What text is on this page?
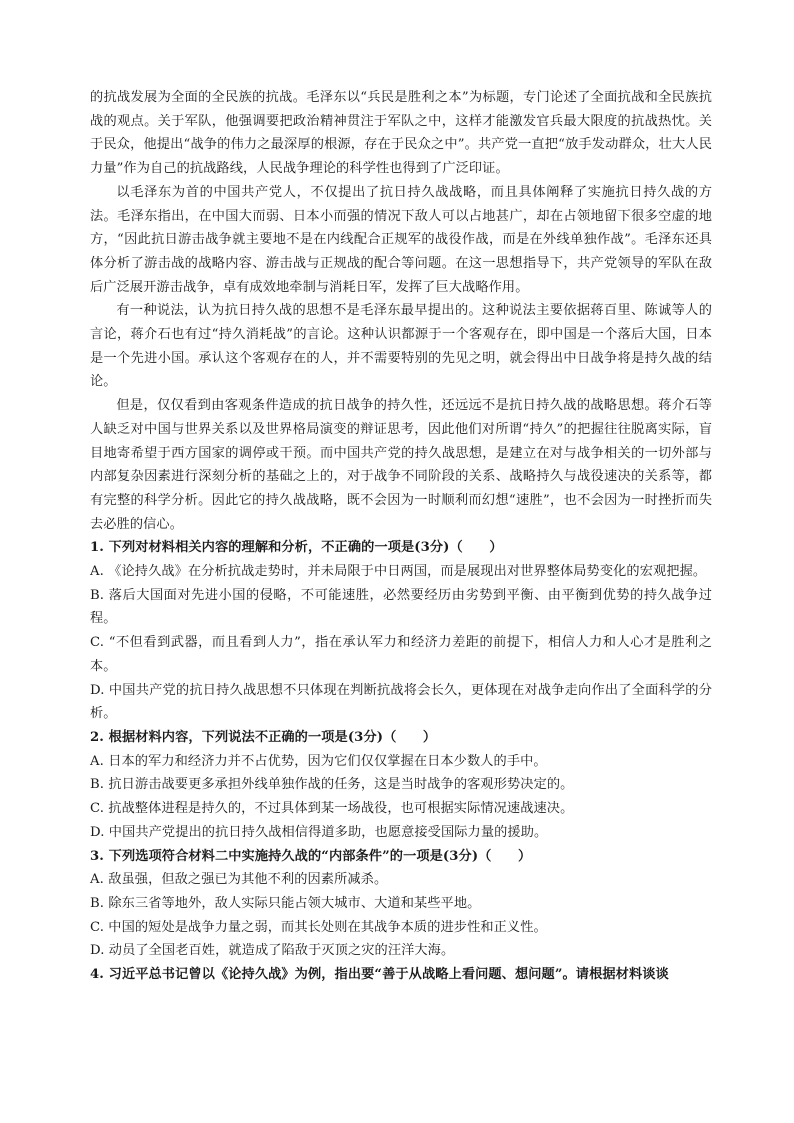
的抗战发展为全面的全民族的抗战。毛泽东以“兵民是胜利之本”为标题，专门论述了全面抗战和全民族抗战的观点。关于军队，他强调要把政治精神贯注于军队之中，这样才能激发官兵最大限度的抗战热忱。关于民众，他提出“战争的伟力之最深厚的根源，存在于民众之中”。共产党一直把“放手发动群众，壮大人民力量”作为自己的抗战路线，人民战争理论的科学性也得到了广泛印证。

以毛泽东为首的中国共产党人，不仅提出了抗日持久战战略，而且具体阐释了实施抗日持久战的方法。毛泽东指出，在中国大而弱、日本小而强的情况下敌人可以占地甚广，却在占领地留下很多空虚的地方，“因此抗日游击战争就主要地不是在内线配合正规军的战役作战，而是在外线单独作战”。毛泽东还具体分析了游击战的战略内容、游击战与正规战的配合等问题。在这一思想指导下，共产党领导的军队在敌后广泛展开游击战争，卓有成效地牵制与消耗日军，发挥了巨大战略作用。

有一种说法，认为抗日持久战的思想不是毛泽东最早提出的。这种说法主要依据蒋百里、陈诚等人的言论，蒋介石也有过“持久消耗战”的言论。这种认识都源于一个客观存在，即中国是一个落后大国，日本是一个先进小国。承认这个客观存在的人，并不需要特别的先见之明，就会得出中日战争将是持久战的结论。

但是，仅仅看到由客观条件造成的抗日战争的持久性，还远远不是抗日持久战的战略思想。蒋介石等人缺乏对中国与世界关系以及世界格局演变的辩证思考，因此他们对所谓“持久”的把握往往脱离实际，盲目地寄希望于西方国家的调停或干预。而中国共产党的持久战思想，是建立在对与战争相关的一切外部与内部复杂因素进行深刻分析的基础之上的，对于战争不同阶段的关系、战略持久与战役速决的关系等，都有完整的科学分析。因此它的持久战战略，既不会因为一时顺利而幻想“速胜”，也不会因为一时挫折而失去必胜的信心。

1. 下列对材料相关内容的理解和分析，不正确的一项是(3分)（　　）

A. 《论持久战》在分析抗战走势时，并未局限于中日两国，而是展现出对世界整体局势变化的宏观把握。

B. 落后大国面对先进小国的侵略，不可能速胜，必然要经历由劣势到平衡、由平衡到优势的持久战争过程。

C. “不但看到武器，而且看到人力”，指在承认军力和经济力差距的前提下，相信人力和人心才是胜利之本。

D. 中国共产党的抗日持久战思想不只体现在判断抗战将会长久，更体现在对战争走向作出了全面科学的分析。

2. 根据材料内容，下列说法不正确的一项是(3分)（　　）

A. 日本的军力和经济力并不占优势，因为它们仅仅掌握在日本少数人的手中。

B. 抗日游击战要更多承担外线单独作战的任务，这是当时战争的客观形势决定的。

C. 抗战整体进程是持久的，不过具体到某一场战役，也可根据实际情况速战速决。

D. 中国共产党提出的抗日持久战相信得道多助，也愿意接受国际力量的援助。

3. 下列选项符合材料二中实施持久战的“内部条件”的一项是(3分)（　　）

A. 敌虽强，但敌之强已为其他不利的因素所减杀。

B. 除东三省等地外，敌人实际只能占领大城市、大道和某些平地。

C. 中国的短处是战争力量之弱，而其长处则在其战争本质的进步性和正义性。

D. 动员了全国老百姓，就造成了陷敌于灭顶之灾的汪洋大海。

4. 习近平总书记曾以《论持久战》为例，指出要“善于从战略上看问题、想问题”。请根据材料谈谈
